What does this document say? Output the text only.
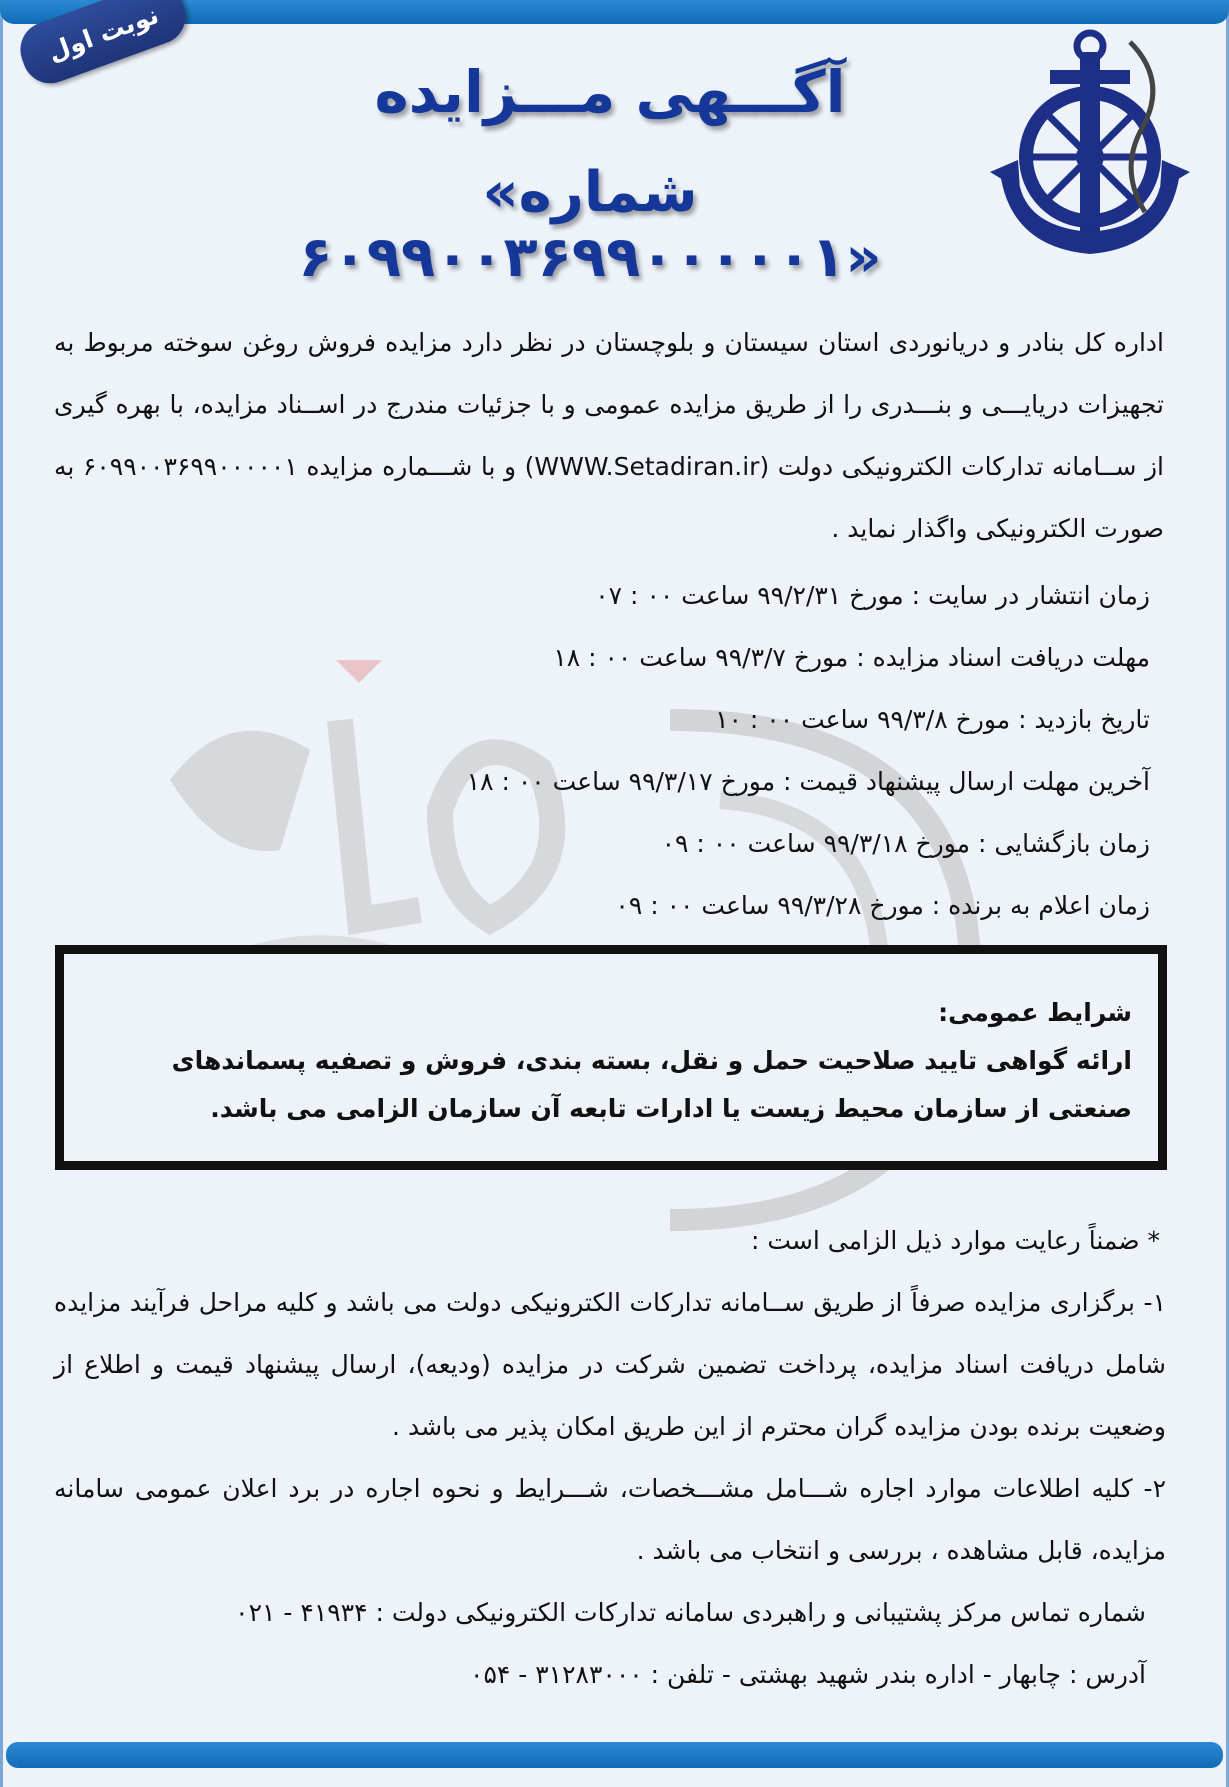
نوبت اول
آگـــهی مـــزایده
«شماره ۶۰۹۹۰۰۳۶۹۹۰۰۰۰۰۱»
اداره کل بنادر و دریانوردی استان سیستان و بلوچستان در نظر دارد مزایده فروش روغن سوخته مربوط به تجهیزات دریایـــی و بنـــدری را از طریق مزایده عمومی و با جزئیات مندرج در اســناد مزایده، با بهره گیری از ســامانه تدارکات الکترونیکی دولت (WWW.Setadiran.ir) و با شـــماره مزایده ۶۰۹۹۰۰۳۶۹۹۰۰۰۰۰۱ به صورت الکترونیکی واگذار نماید .
زمان انتشار در سایت : مورخ ۹۹/۲/۳۱ ساعت ۰۰ : ۰۷
مهلت دریافت اسناد مزایده : مورخ ۹۹/۳/۷ ساعت ۰۰ : ۱۸
تاریخ بازدید : مورخ ۹۹/۳/۸ ساعت ۰۰ : ۱۰
آخرین مهلت ارسال پیشنهاد قیمت : مورخ ۹۹/۳/۱۷ ساعت ۰۰ : ۱۸
زمان بازگشایی : مورخ ۹۹/۳/۱۸ ساعت ۰۰ : ۰۹
زمان اعلام به برنده : مورخ ۹۹/۳/۲۸ ساعت ۰۰ : ۰۹
شرایط عمومی:
ارائه گواهی تایید صلاحیت حمل و نقل، بسته بندی، فروش و تصفیه پسماندهای صنعتی از سازمان محیط زیست یا ادارات تابعه آن سازمان الزامی می باشد.
* ضمناً رعایت موارد ذیل الزامی است :
۱- برگزاری مزایده صرفاً از طریق ســامانه تدارکات الکترونیکی دولت می باشد و کلیه مراحل فرآیند مزایده شامل دریافت اسناد مزایده، پرداخت تضمین شرکت در مزایده (ودیعه)، ارسال پیشنهاد قیمت و اطلاع از وضعیت برنده بودن مزایده گران محترم از این طریق امکان پذیر می باشد .
۲- کلیه اطلاعات موارد اجاره شـــامل مشـــخصات، شـــرایط و نحوه اجاره در برد اعلان عمومی سامانه مزایده، قابل مشاهده ، بررسی و انتخاب می باشد .
شماره تماس مرکز پشتیبانی و راهبردی سامانه تدارکات الکترونیکی دولت : ۴۱۹۳۴ - ۰۲۱
آدرس : چابهار - اداره بندر شهید بهشتی - تلفن : ۳۱۲۸۳۰۰۰ - ۰۵۴
